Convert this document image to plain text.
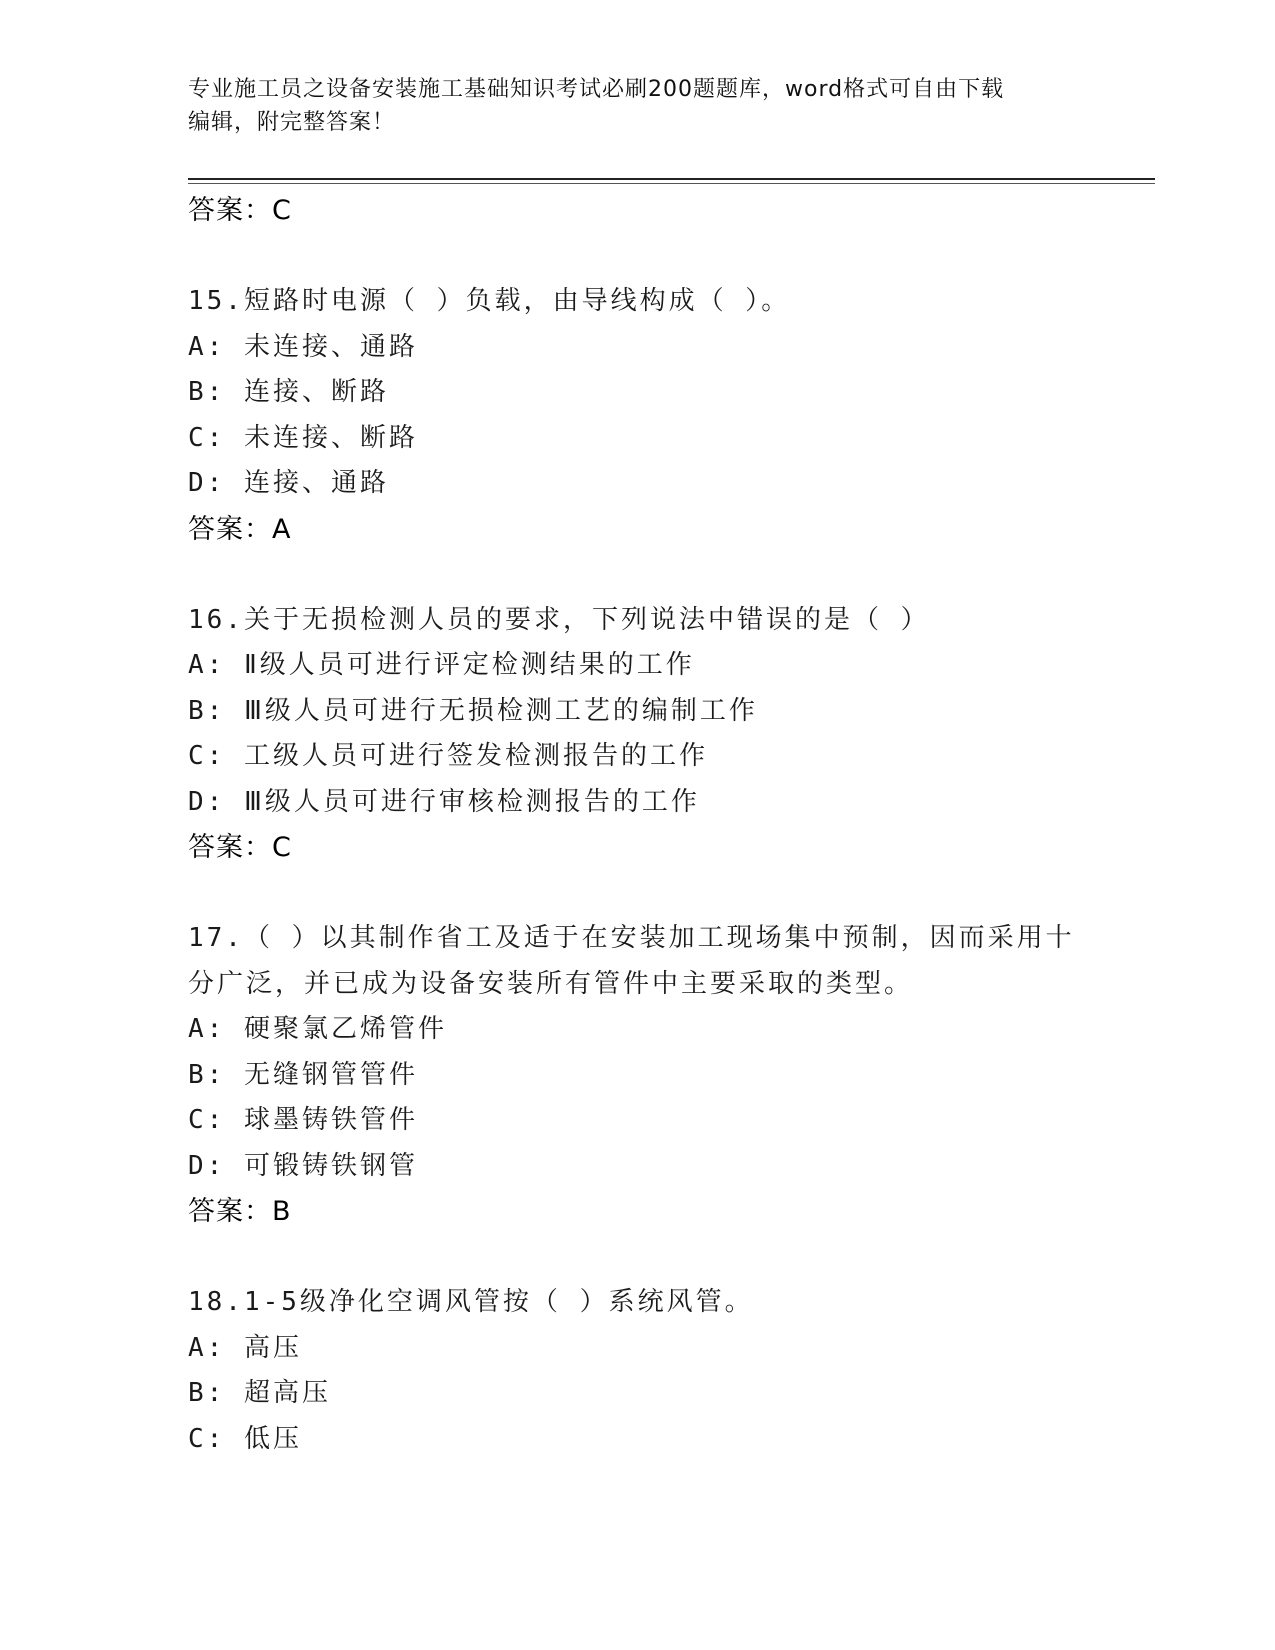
专业施工员之设备安装施工基础知识考试必刷200题题库，word格式可自由下载
编辑，附完整答案！
答案：C
15.短路时电源（ ）负载，由导线构成（ ）。
A: 未连接、通路
B: 连接、断路
C: 未连接、断路
D: 连接、通路
答案：A
16.关于无损检测人员的要求，下列说法中错误的是（ ）
A: Ⅱ级人员可进行评定检测结果的工作
B: Ⅲ级人员可进行无损检测工艺的编制工作
C: 工级人员可进行签发检测报告的工作
D: Ⅲ级人员可进行审核检测报告的工作
答案：C
17.（ ）以其制作省工及适于在安装加工现场集中预制，因而采用十
分广泛，并已成为设备安装所有管件中主要采取的类型。
A: 硬聚氯乙烯管件
B: 无缝钢管管件
C: 球墨铸铁管件
D: 可锻铸铁钢管
答案：B
18.1-5级净化空调风管按（ ）系统风管。
A: 高压
B: 超高压
C: 低压
